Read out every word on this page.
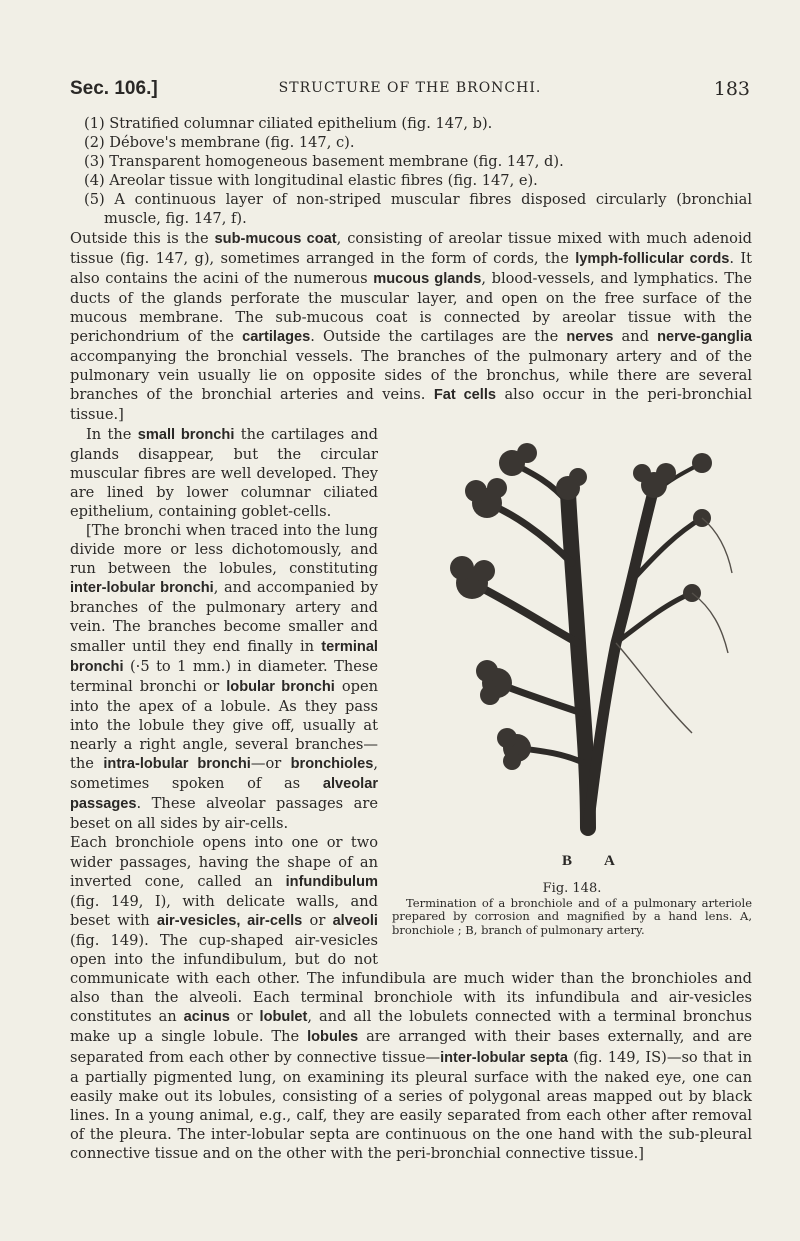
Sec. 106.]	STRUCTURE OF THE BRONCHI.	183

(1) Stratified columnar ciliated epithelium (fig. 147, b).

(2) Débove's membrane (fig. 147, c).

(3) Transparent homogeneous basement membrane (fig. 147, d).

(4) Areolar tissue with longitudinal elastic fibres (fig. 147, e).

(5) A continuous layer of non-striped muscular fibres disposed circularly (bronchial muscle, fig. 147, f).

Outside this is the sub-mucous coat, consisting of areolar tissue mixed with much adenoid tissue (fig. 147, g), sometimes arranged in the form of cords, the lymph-follicular cords. It also contains the acini of the numerous mucous glands, blood-vessels, and lymphatics. The ducts of the glands perforate the muscular layer, and open on the free surface of the mucous membrane. The sub-mucous coat is connected by areolar tissue with the perichondrium of the cartilages. Outside the cartilages are the nerves and nerve-ganglia accompanying the bronchial vessels. The branches of the pulmonary artery and of the pulmonary vein usually lie on opposite sides of the bronchus, while there are several branches of the bronchial arteries and veins. Fat cells also occur in the peri-bronchial tissue.]

B A
Fig. 148.
Termination of a bronchiole and of a pulmonary arteriole prepared by corrosion and magnified by a hand lens. A, bronchiole ; B, branch of pulmonary artery.

In the small bronchi the cartilages and glands disappear, but the circular muscular fibres are well developed. They are lined by lower columnar ciliated epithelium, containing goblet-cells.

[The bronchi when traced into the lung divide more or less dichotomously, and run between the lobules, constituting inter-lobular bronchi, and accompanied by branches of the pulmonary artery and vein. The branches become smaller and smaller until they end finally in terminal bronchi (·5 to 1 mm.) in diameter. These terminal bronchi or lobular bronchi open into the apex of a lobule. As they pass into the lobule they give off, usually at nearly a right angle, several branches—the intra-lobular bronchi—or bronchioles, sometimes spoken of as alveolar passages. These alveolar passages are beset on all sides by air-cells.

Each bronchiole opens into one or two wider passages, having the shape of an inverted cone, called an infundibulum (fig. 149, I), with delicate walls, and beset with air-vesicles, air-cells or alveoli (fig. 149). The cup-shaped air-vesicles open into the infundibulum, but do not communicate with each other. The infundibula are much wider than the bronchioles and also than the alveoli. Each terminal bronchiole with its infundibula and air-vesicles constitutes an acinus or lobulet, and all the lobulets connected with a terminal bronchus make up a single lobule. The lobules are arranged with their bases externally, and are separated from each other by connective tissue—inter-lobular septa (fig. 149, IS)—so that in a partially pigmented lung, on examining its pleural surface with the naked eye, one can easily make out its lobules, consisting of a series of polygonal areas mapped out by black lines. In a young animal, e.g., calf, they are easily separated from each other after removal of the pleura. The inter-lobular septa are continuous on the one hand with the sub-pleural connective tissue and on the other with the peri-bronchial connective tissue.]
